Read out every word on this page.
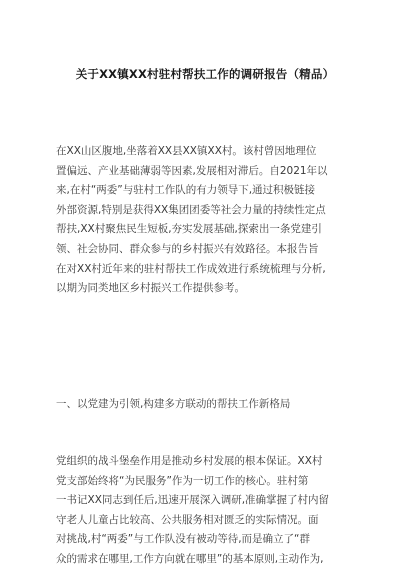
关于XX镇XX村驻村帮扶工作的调研报告（精品）
在XX山区腹地,坐落着XX县XX镇XX村。该村曾因地理位
置偏远、产业基础薄弱等因素,发展相对滞后。自2021年以
来,在村“两委”与驻村工作队的有力领导下,通过积极链接
外部资源,特别是获得XX集团团委等社会力量的持续性定点
帮扶,XX村聚焦民生短板,夯实发展基础,探索出一条党建引
领、社会协同、群众参与的乡村振兴有效路径。本报告旨
在对XX村近年来的驻村帮扶工作成效进行系统梳理与分析,
以期为同类地区乡村振兴工作提供参考。
一、以党建为引领,构建多方联动的帮扶工作新格局
党组织的战斗堡垒作用是推动乡村发展的根本保证。XX村
党支部始终将“为民服务”作为一切工作的核心。驻村第
一书记XX同志到任后,迅速开展深入调研,准确掌握了村内留
守老人儿童占比较高、公共服务相对匮乏的实际情况。面
对挑战,村“两委”与工作队没有被动等待,而是确立了“群
众的需求在哪里,工作方向就在哪里”的基本原则,主动作为,
